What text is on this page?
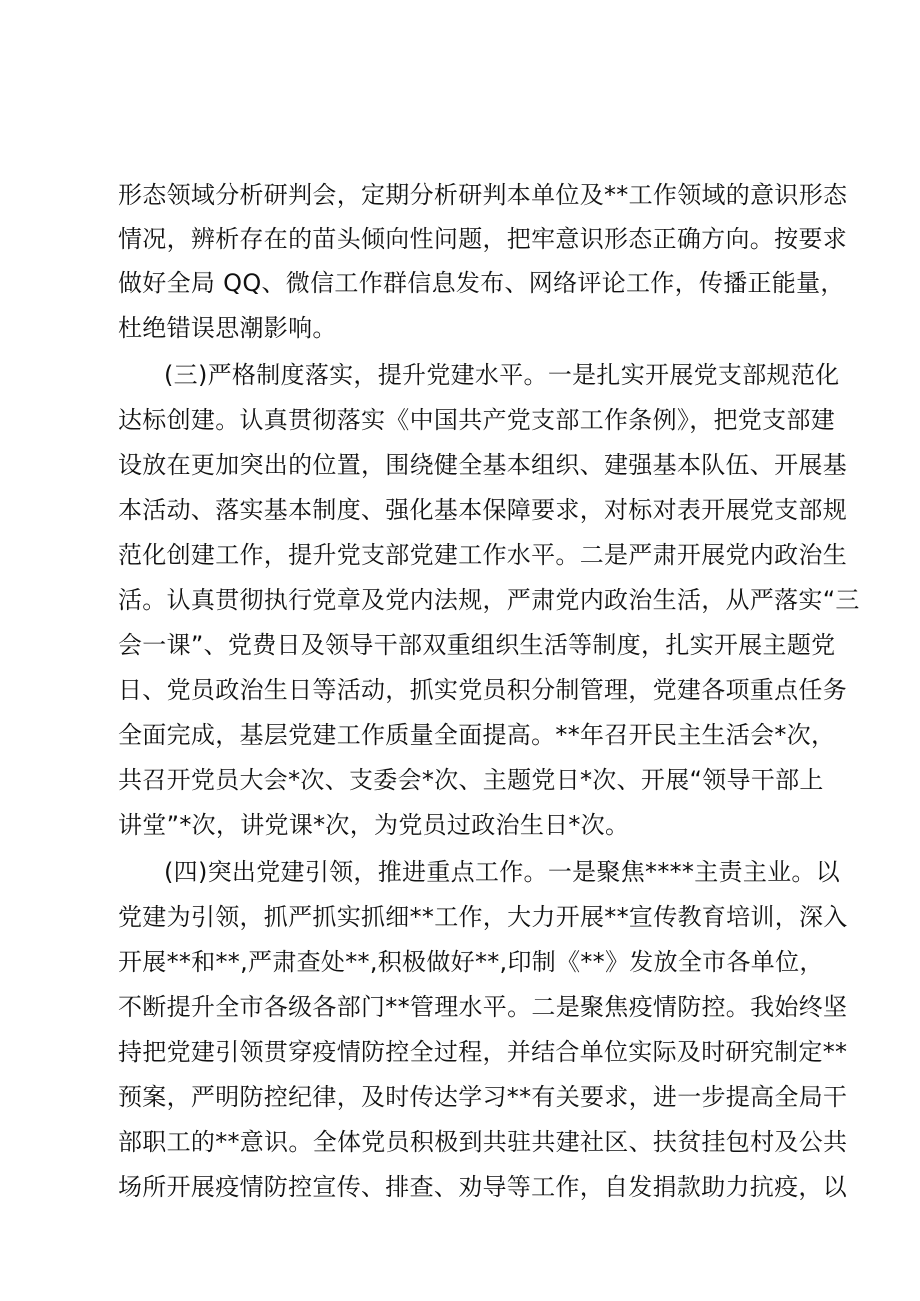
形态领域分析研判会，定期分析研判本单位及**工作领域的意识形态
情况，辨析存在的苗头倾向性问题，把牢意识形态正确方向。按要求
做好全局 QQ、微信工作群信息发布、网络评论工作，传播正能量，
杜绝错误思潮影响。
(三)严格制度落实，提升党建水平。一是扎实开展党支部规范化
达标创建。认真贯彻落实《中国共产党支部工作条例》，把党支部建
设放在更加突出的位置，围绕健全基本组织、建强基本队伍、开展基
本活动、落实基本制度、强化基本保障要求，对标对表开展党支部规
范化创建工作，提升党支部党建工作水平。二是严肃开展党内政治生
活。认真贯彻执行党章及党内法规，严肃党内政治生活，从严落实“三
会一课”、党费日及领导干部双重组织生活等制度，扎实开展主题党
日、党员政治生日等活动，抓实党员积分制管理，党建各项重点任务
全面完成，基层党建工作质量全面提高。**年召开民主生活会*次，
共召开党员大会*次、支委会*次、主题党日*次、开展“领导干部上
讲堂”*次，讲党课*次，为党员过政治生日*次。
(四)突出党建引领，推进重点工作。一是聚焦****主责主业。以
党建为引领，抓严抓实抓细**工作，大力开展**宣传教育培训，深入
开展**和**,严肃查处**,积极做好**,印制《**》发放全市各单位，
不断提升全市各级各部门**管理水平。二是聚焦疫情防控。我始终坚
持把党建引领贯穿疫情防控全过程，并结合单位实际及时研究制定**
预案，严明防控纪律，及时传达学习**有关要求，进一步提高全局干
部职工的**意识。全体党员积极到共驻共建社区、扶贫挂包村及公共
场所开展疫情防控宣传、排查、劝导等工作，自发捐款助力抗疫，以
